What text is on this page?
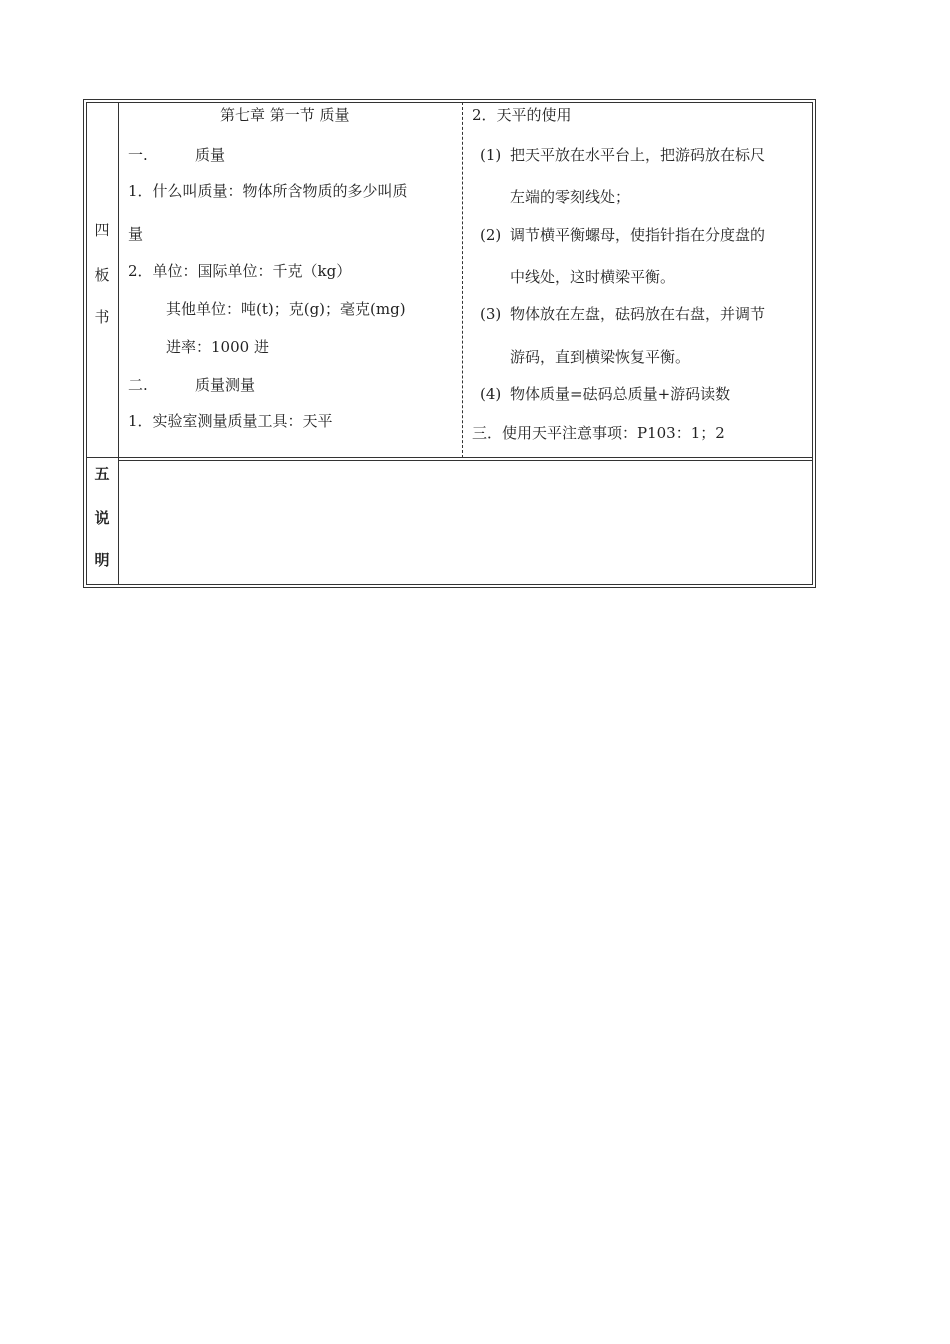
四
板
书
五
说
明
第七章 第一节 质量
一.	质量
1．什么叫质量：物体所含物质的多少叫质
量
2．单位：国际单位：千克（kg）
其他单位：吨(t)；克(g)；毫克(mg)
进率：1000 进
二.	质量测量
1．实验室测量质量工具：天平
2．天平的使用
(1) 把天平放在水平台上，把游码放在标尺
左端的零刻线处；
(2) 调节横平衡螺母，使指针指在分度盘的
中线处，这时横梁平衡。
(3) 物体放在左盘，砝码放在右盘，并调节
游码，直到横梁恢复平衡。
(4) 物体质量=砝码总质量+游码读数
三．使用天平注意事项：P103：1；2
